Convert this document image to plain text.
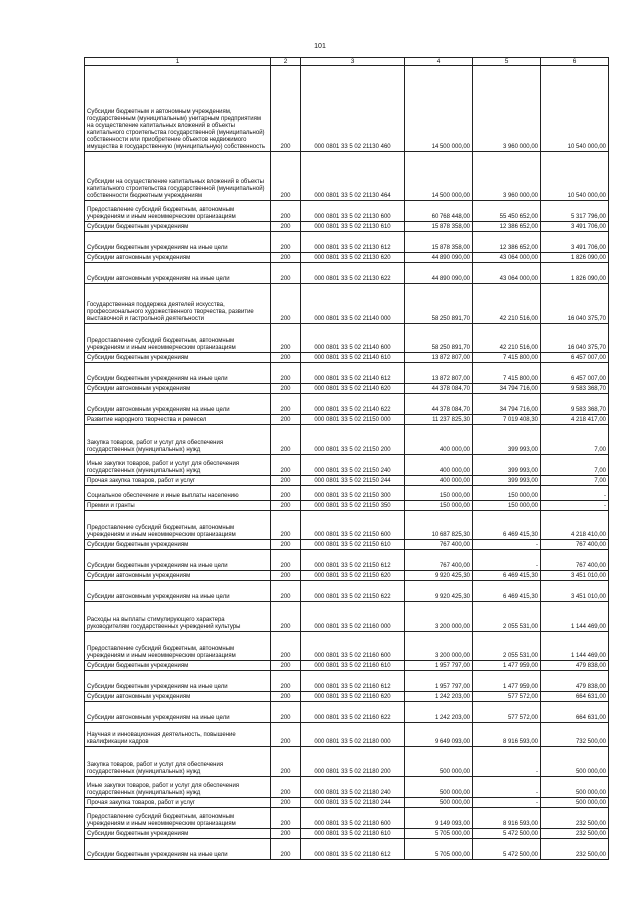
101
1	2	3	4	5	6
Субсидии бюджетным и автономным учреждениям, государственным (муниципальным) унитарным предприятиям на осуществление капитальных вложений в объекты капитального строительства государственной (муниципальной) собственности или приобретение объектов недвижимого имущества в государственную (муниципальную) собственность	200	000 0801 33 5 02 21130 460	14 500 000,00	3 960 000,00	10 540 000,00
Субсидии на осуществление капитальных вложений в объекты капитального строительства государственной (муниципальной) собственности бюджетным учреждениям	200	000 0801 33 5 02 21130 464	14 500 000,00	3 960 000,00	10 540 000,00
Предоставление субсидий бюджетным, автономным учреждениям и иным некоммерческим организациям	200	000 0801 33 5 02 21130 600	60 768 448,00	55 450 652,00	5 317 796,00
Субсидии бюджетным учреждениям	200	000 0801 33 5 02 21130 610	15 878 358,00	12 386 652,00	3 491 706,00
Субсидии бюджетным учреждениям на иные цели	200	000 0801 33 5 02 21130 612	15 878 358,00	12 386 652,00	3 491 706,00
Субсидии автономным учреждениям	200	000 0801 33 5 02 21130 620	44 890 090,00	43 064 000,00	1 826 090,00
Субсидии автономным учреждениям на иные цели	200	000 0801 33 5 02 21130 622	44 890 090,00	43 064 000,00	1 826 090,00
Государственная поддержка деятелей искусства, профессионального художественного творчества, развитие выставочной и гастрольной деятельности	200	000 0801 33 5 02 21140 000	58 250 891,70	42 210 516,00	16 040 375,70
Предоставление субсидий бюджетным, автономным учреждениям и иным некоммерческим организациям	200	000 0801 33 5 02 21140 600	58 250 891,70	42 210 516,00	16 040 375,70
Субсидии бюджетным учреждениям	200	000 0801 33 5 02 21140 610	13 872 807,00	7 415 800,00	6 457 007,00
Субсидии бюджетным учреждениям на иные цели	200	000 0801 33 5 02 21140 612	13 872 807,00	7 415 800,00	6 457 007,00
Субсидии автономным учреждениям	200	000 0801 33 5 02 21140 620	44 378 084,70	34 794 716,00	9 583 368,70
Субсидии автономным учреждениям на иные цели	200	000 0801 33 5 02 21140 622	44 378 084,70	34 794 716,00	9 583 368,70
Развитие народного творчества и ремесел	200	000 0801 33 5 02 21150 000	11 237 825,30	7 019 408,30	4 218 417,00
Закупка товаров, работ и услуг для обеспечения государственных (муниципальных) нужд	200	000 0801 33 5 02 21150 200	400 000,00	399 993,00	7,00
Иные закупки товаров, работ и услуг для обеспечения государственных (муниципальных) нужд	200	000 0801 33 5 02 21150 240	400 000,00	399 993,00	7,00
Прочая закупка товаров, работ и услуг	200	000 0801 33 5 02 21150 244	400 000,00	399 993,00	7,00
Социальное обеспечение и иные выплаты населению	200	000 0801 33 5 02 21150 300	150 000,00	150 000,00	-
Премии и гранты	200	000 0801 33 5 02 21150 350	150 000,00	150 000,00	-
Предоставление субсидий бюджетным, автономным учреждениям и иным некоммерческим организациям	200	000 0801 33 5 02 21150 600	10 687 825,30	6 469 415,30	4 218 410,00
Субсидии бюджетным учреждениям	200	000 0801 33 5 02 21150 610	767 400,00	-	767 400,00
Субсидии бюджетным учреждениям на иные цели	200	000 0801 33 5 02 21150 612	767 400,00	-	767 400,00
Субсидии автономным учреждениям	200	000 0801 33 5 02 21150 620	9 920 425,30	6 469 415,30	3 451 010,00
Субсидии автономным учреждениям на иные цели	200	000 0801 33 5 02 21150 622	9 920 425,30	6 469 415,30	3 451 010,00
Расходы на выплаты стимулирующего характера руководителям государственных учреждений культуры	200	000 0801 33 5 02 21160 000	3 200 000,00	2 055 531,00	1 144 469,00
Предоставление субсидий бюджетным, автономным учреждениям и иным некоммерческим организациям	200	000 0801 33 5 02 21160 600	3 200 000,00	2 055 531,00	1 144 469,00
Субсидии бюджетным учреждениям	200	000 0801 33 5 02 21160 610	1 957 797,00	1 477 959,00	479 838,00
Субсидии бюджетным учреждениям на иные цели	200	000 0801 33 5 02 21160 612	1 957 797,00	1 477 959,00	479 838,00
Субсидии автономным учреждениям	200	000 0801 33 5 02 21160 620	1 242 203,00	577 572,00	664 631,00
Субсидии автономным учреждениям на иные цели	200	000 0801 33 5 02 21160 622	1 242 203,00	577 572,00	664 631,00
Научная и инновационная деятельность, повышение квалификации кадров	200	000 0801 33 5 02 21180 000	9 649 093,00	8 916 593,00	732 500,00
Закупка товаров, работ и услуг для обеспечения государственных (муниципальных) нужд	200	000 0801 33 5 02 21180 200	500 000,00	-	500 000,00
Иные закупки товаров, работ и услуг для обеспечения государственных (муниципальных) нужд	200	000 0801 33 5 02 21180 240	500 000,00	-	500 000,00
Прочая закупка товаров, работ и услуг	200	000 0801 33 5 02 21180 244	500 000,00	-	500 000,00
Предоставление субсидий бюджетным, автономным учреждениям и иным некоммерческим организациям	200	000 0801 33 5 02 21180 600	9 149 093,00	8 916 593,00	232 500,00
Субсидии бюджетным учреждениям	200	000 0801 33 5 02 21180 610	5 705 000,00	5 472 500,00	232 500,00
Субсидии бюджетным учреждениям на иные цели	200	000 0801 33 5 02 21180 612	5 705 000,00	5 472 500,00	232 500,00
